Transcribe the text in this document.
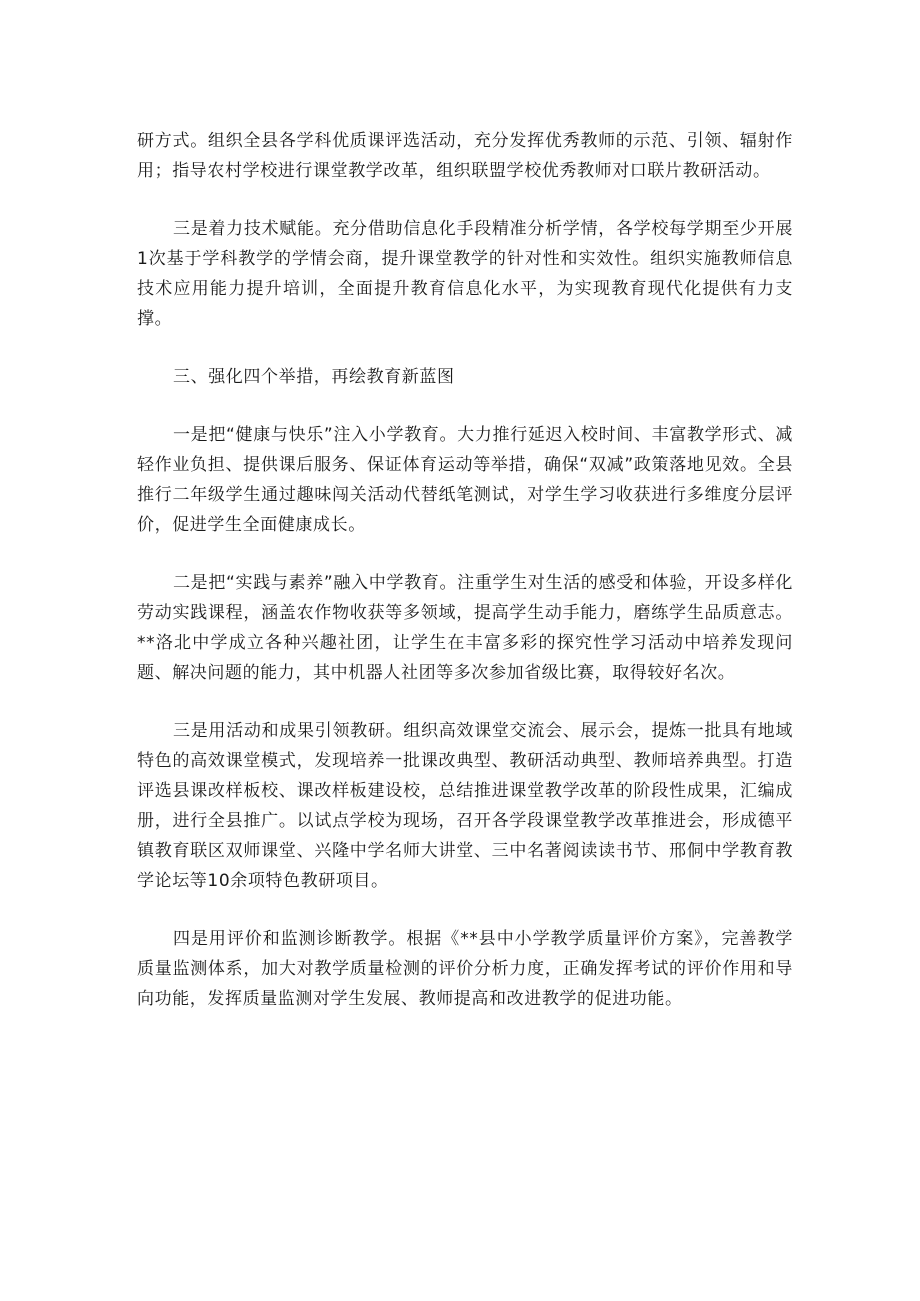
研方式。组织全县各学科优质课评选活动，充分发挥优秀教师的示范、引领、辐射作用；指导农村学校进行课堂教学改革，组织联盟学校优秀教师对口联片教研活动。

三是着力技术赋能。充分借助信息化手段精准分析学情，各学校每学期至少开展1次基于学科教学的学情会商，提升课堂教学的针对性和实效性。组织实施教师信息技术应用能力提升培训，全面提升教育信息化水平，为实现教育现代化提供有力支撑。

三、强化四个举措，再绘教育新蓝图

一是把“健康与快乐”注入小学教育。大力推行延迟入校时间、丰富教学形式、减轻作业负担、提供课后服务、保证体育运动等举措，确保“双减”政策落地见效。全县推行二年级学生通过趣味闯关活动代替纸笔测试，对学生学习收获进行多维度分层评价，促进学生全面健康成长。

二是把“实践与素养”融入中学教育。注重学生对生活的感受和体验，开设多样化劳动实践课程，涵盖农作物收获等多领域，提高学生动手能力，磨练学生品质意志。**洛北中学成立各种兴趣社团，让学生在丰富多彩的探究性学习活动中培养发现问题、解决问题的能力，其中机器人社团等多次参加省级比赛，取得较好名次。

三是用活动和成果引领教研。组织高效课堂交流会、展示会，提炼一批具有地域特色的高效课堂模式，发现培养一批课改典型、教研活动典型、教师培养典型。打造评选县课改样板校、课改样板建设校，总结推进课堂教学改革的阶段性成果，汇编成册，进行全县推广。以试点学校为现场，召开各学段课堂教学改革推进会，形成德平镇教育联区双师课堂、兴隆中学名师大讲堂、三中名著阅读读书节、邢侗中学教育教学论坛等10余项特色教研项目。

四是用评价和监测诊断教学。根据《**县中小学教学质量评价方案》，完善教学质量监测体系，加大对教学质量检测的评价分析力度，正确发挥考试的评价作用和导向功能，发挥质量监测对学生发展、教师提高和改进教学的促进功能。
